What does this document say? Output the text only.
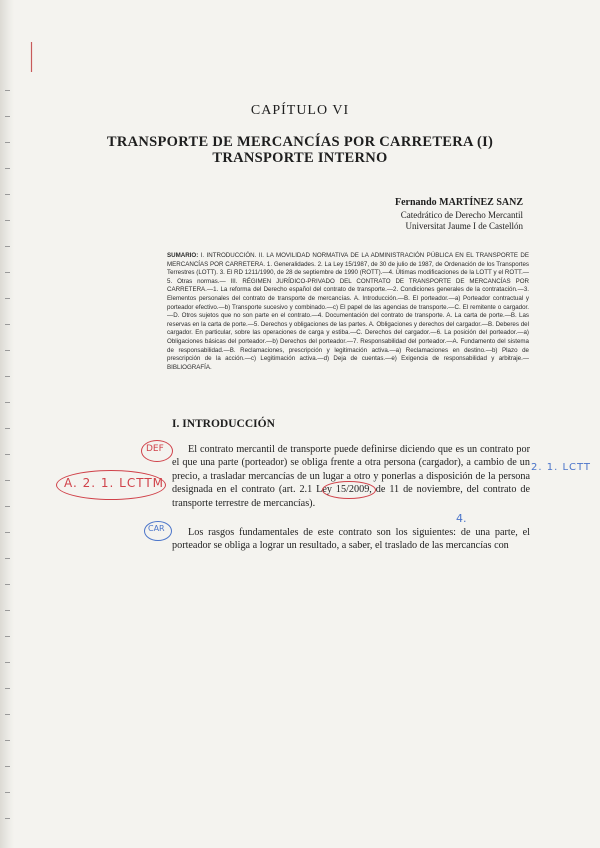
CAPÍTULO VI
TRANSPORTE DE MERCANCÍAS POR CARRETERA (I)
TRANSPORTE INTERNO
Fernando MARTÍNEZ SANZ
Catedrático de Derecho Mercantil
Universitat Jaume I de Castellón
SUMARIO: I. INTRODUCCIÓN. II. LA MOVILIDAD NORMATIVA DE LA ADMINISTRACIÓN PÚBLICA EN EL TRANSPORTE DE MERCANCÍAS POR CARRETERA. 1. Generalidades. 2. La Ley 15/1987, de 30 de julio de 1987, de Ordenación de los Transportes Terrestres (LOTT). 3. El RD 1211/1990, de 28 de septiembre de 1990 (ROTT).—4. Últimas modificaciones de la LOTT y el ROTT.—5. Otras normas.— III. RÉGIMEN JURÍDICO-PRIVADO DEL CONTRATO DE TRANSPORTE DE MERCANCÍAS POR CARRETERA.—1. La reforma del Derecho español del contrato de transporte.—2. Condiciones generales de la contratación.—3. Elementos personales del contrato de transporte de mercancías. A. Introducción.—B. El porteador.—a) Porteador contractual y porteador efectivo.—b) Transporte sucesivo y combinado.—c) El papel de las agencias de transporte.—C. El remitente o cargador.—D. Otros sujetos que no son parte en el contrato.—4. Documentación del contrato de transporte. A. La carta de porte.—B. Las reservas en la carta de porte.—5. Derechos y obligaciones de las partes. A. Obligaciones y derechos del cargador.—B. Deberes del cargador. En particular, sobre las operaciones de carga y estiba.—C. Derechos del cargador.—6. La posición del porteador.—a) Obligaciones básicas del porteador.—b) Derechos del porteador.—7. Responsabilidad del porteador.—A. Fundamento del sistema de responsabilidad.—B. Reclamaciones, prescripción y legitimación activa.—a) Reclamaciones en destino.—b) Plazo de prescripción de la acción.—c) Legitimación activa.—d) Deja de cuentas.—e) Exigencia de responsabilidad y arbitraje.—BIBLIOGRAFÍA.
I. INTRODUCCIÓN
El contrato mercantil de transporte puede definirse diciendo que es un contrato por el que una parte (porteador) se obliga frente a otra persona (cargador), a cambio de un precio, a trasladar mercancías de un lugar a otro y ponerlas a disposición de la persona designada en el contrato (art. 2.1 Ley 15/2009, de 11 de noviembre, del contrato de transporte terrestre de mercancías).
Los rasgos fundamentales de este contrato son los siguientes: de una parte, el porteador se obliga a lograr un resultado, a saber, el traslado de las mercancías con
DEF
A. 2. 1. LCTTM
2. 1. LCTT
CAR
4.
